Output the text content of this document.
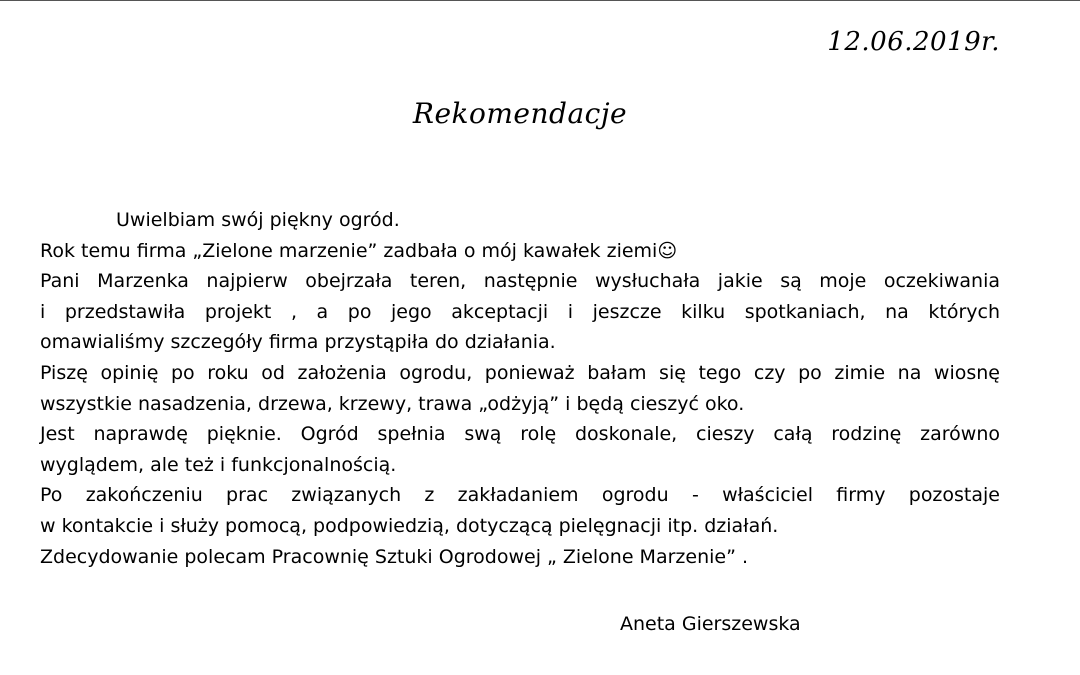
12.06.2019r.
Rekomendacje
Uwielbiam swój piękny ogród.
Rok temu firma „Zielone marzenie” zadbała o mój kawałek ziemi☺
Pani Marzenka najpierw obejrzała teren, następnie wysłuchała jakie są moje oczekiwania
i przedstawiła projekt , a po jego akceptacji i jeszcze kilku spotkaniach, na których
omawialiśmy szczegóły firma przystąpiła do działania.
Piszę opinię po roku od założenia ogrodu, ponieważ bałam się tego czy po zimie na wiosnę
wszystkie nasadzenia, drzewa, krzewy, trawa „odżyją” i będą cieszyć oko.
Jest naprawdę pięknie. Ogród spełnia swą rolę doskonale, cieszy całą rodzinę zarówno
wyglądem, ale też i funkcjonalnością.
Po zakończeniu prac związanych z zakładaniem ogrodu - właściciel firmy pozostaje
w kontakcie i służy pomocą, podpowiedzią, dotyczącą pielęgnacji itp. działań.
Zdecydowanie polecam Pracownię Sztuki Ogrodowej „ Zielone Marzenie” .
Aneta Gierszewska
